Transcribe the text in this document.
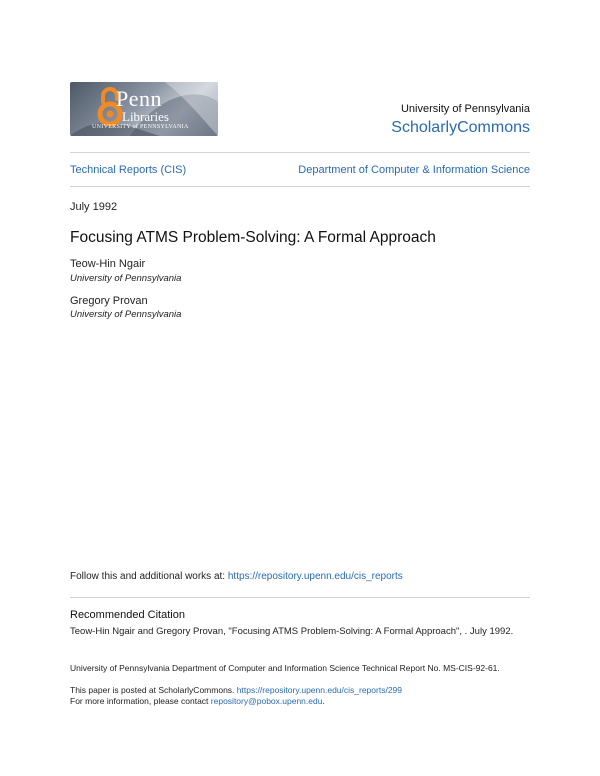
Penn
Libraries
UNIVERSITY of PENNSYLVANIA
University of Pennsylvania
ScholarlyCommons
Technical Reports (CIS)	Department of Computer & Information Science
July 1992
Focusing ATMS Problem-Solving: A Formal Approach
Teow-Hin Ngair
University of Pennsylvania
Gregory Provan
University of Pennsylvania
Follow this and additional works at: https://repository.upenn.edu/cis_reports
Recommended Citation
Teow-Hin Ngair and Gregory Provan, "Focusing ATMS Problem-Solving: A Formal Approach", . July 1992.
University of Pennsylvania Department of Computer and Information Science Technical Report No. MS-CIS-92-61.
This paper is posted at ScholarlyCommons. https://repository.upenn.edu/cis_reports/299
For more information, please contact repository@pobox.upenn.edu.
